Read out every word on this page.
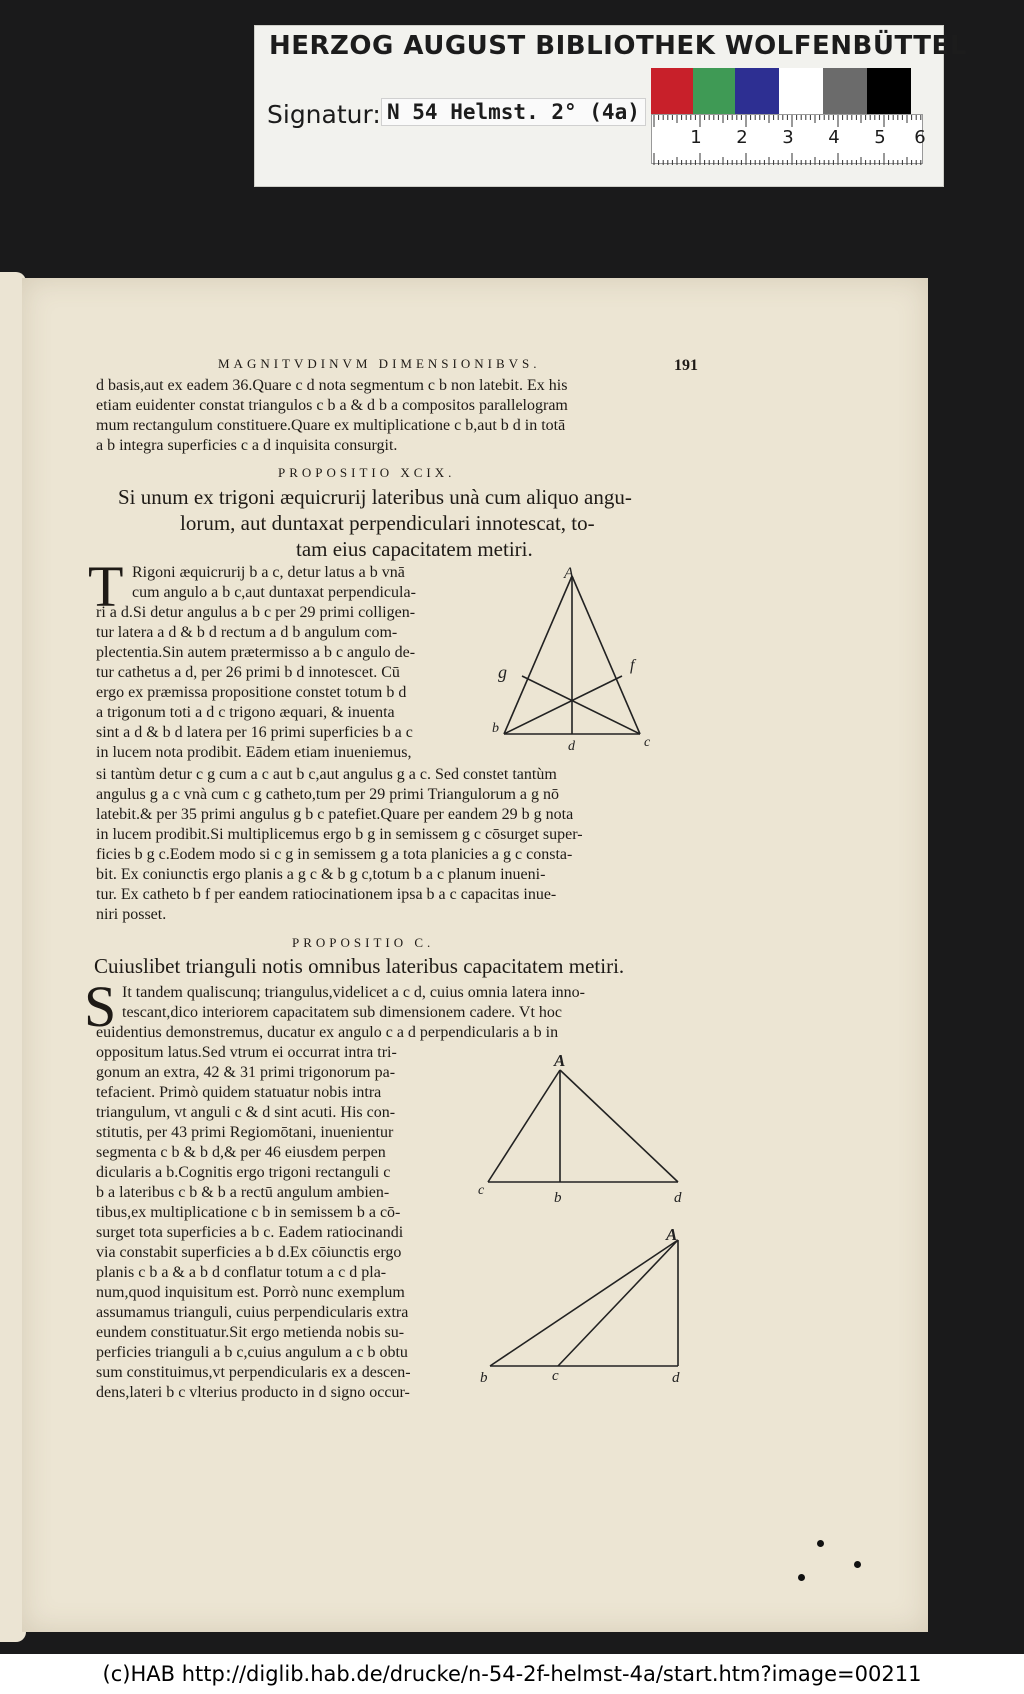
HERZOG AUGUST BIBLIOTHEK WOLFENBÜTTEL
Signatur: N 54 Helmst. 2° (4a)
1 2 3 4 5 6
MAGNITVDINVM DIMENSIONIBVS.	191
d basis,aut ex eadem 36.Quare c d nota segmentum c b non latebit. Ex his
etiam euidenter constat triangulos c b a & d b a compositos parallelogram
mum rectangulum constituere.Quare ex multiplicatione c b,aut b d in totā
a b integra superficies c a d inquisita consurgit.
PROPOSITIO XCIX.
Si unum ex trigoni æquicrurij lateribus unà cum aliquo angu-
lorum, aut duntaxat perpendiculari innotescat, to-
tam eius capacitatem metiri.
T Rigoni æquicrurij b a c, detur latus a b vnā
cum angulo a b c,aut duntaxat perpendicula-
ri a d.Si detur angulus a b c per 29 primi colligen-
tur latera a d & b d rectum a d b angulum com-
plectentia.Sin autem prætermisso a b c angulo de-
tur cathetus a d, per 26 primi b d innotescet. Cū
ergo ex præmissa propositione constet totum b d
a trigonum toti a d c trigono æquari, & inuenta
sint a d & b d latera per 16 primi superficies b a c
in lucem nota prodibit. Eādem etiam inueniemus,
si tantùm detur c g cum a c aut b c,aut angulus g a c. Sed constet tantùm
angulus g a c vnà cum c g catheto,tum per 29 primi Triangulorum a g nō
latebit.& per 35 primi angulus g b c patefiet.Quare per eandem 29 b g nota
in lucem prodibit.Si multiplicemus ergo b g in semissem g c cōsurget super-
ficies b g c.Eodem modo si c g in semissem g a tota planicies a g c consta-
bit. Ex coniunctis ergo planis a g c & b g c,totum b a c planum inueni-
tur. Ex catheto b f per eandem ratiocinationem ipsa b a c capacitas inue-
niri posset.
A
b
d	c
g	f
PROPOSITIO C.
Cuiuslibet trianguli notis omnibus lateribus capacitatem metiri.
S It tandem qualiscunq; triangulus,videlicet a c d, cuius omnia latera inno-
tescant,dico interiorem capacitatem sub dimensionem cadere. Vt hoc
euidentius demonstremus, ducatur ex angulo c a d perpendicularis a b in
oppositum latus.Sed vtrum ei occurrat intra tri-
gonum an extra, 42 & 31 primi trigonorum pa-
tefacient. Primò quidem statuatur nobis intra
triangulum, vt anguli c & d sint acuti. His con-
stitutis, per 43 primi Regiomōtani, inuenientur
segmenta c b & b d,& per 46 eiusdem perpen
dicularis a b.Cognitis ergo trigoni rectanguli c
b a lateribus c b & b a rectū angulum ambien-
tibus,ex multiplicatione c b in semissem b a cō-
surget tota superficies a b c. Eadem ratiocinandi
via constabit superficies a b d.Ex cōiunctis ergo
planis c b a & a b d conflatur totum a c d pla-
num,quod inquisitum est. Porrò nunc exemplum
assumamus trianguli, cuius perpendicularis extra
eundem constituatur.Sit ergo metienda nobis su-
perficies trianguli a b c,cuius angulum a c b obtu
sum constituimus,vt perpendicularis ex a descen-
dens,lateri b c vlterius producto in d signo occur-
A
c	b	d
A
b	c	d
(c)HAB http://diglib.hab.de/drucke/n-54-2f-helmst-4a/start.htm?image=00211
